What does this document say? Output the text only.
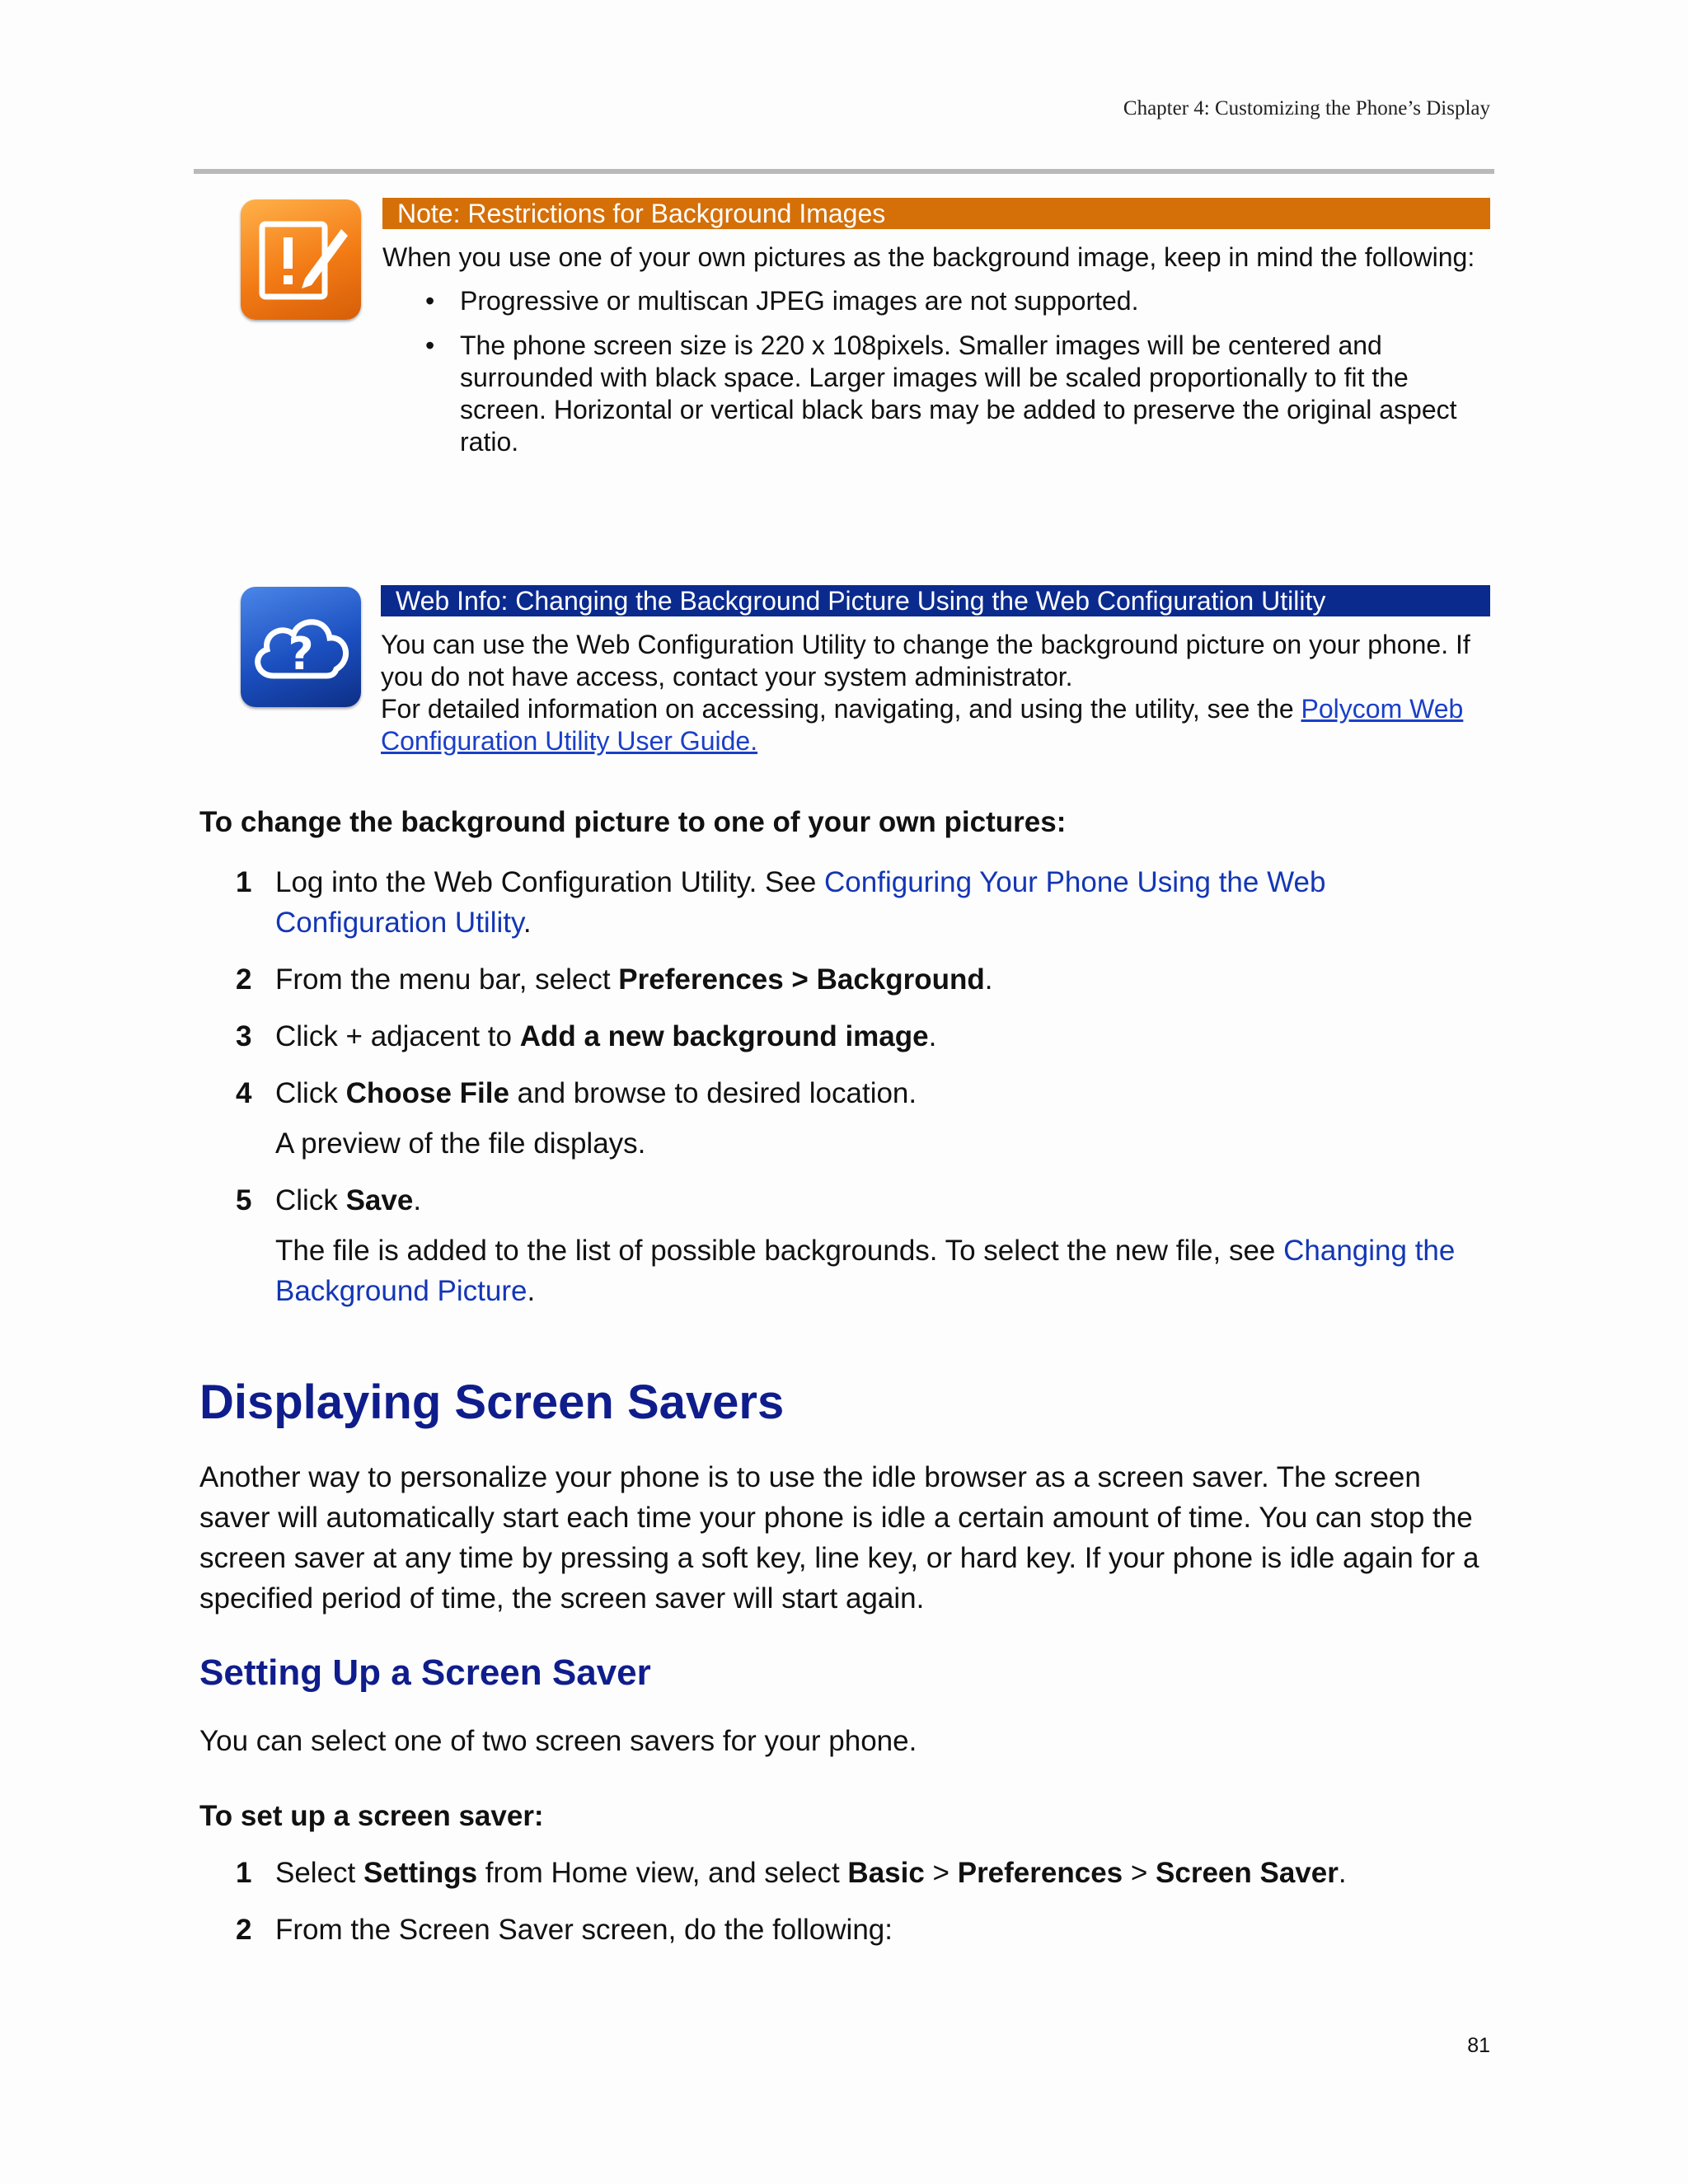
Chapter 4: Customizing the Phone’s Display
Note: Restrictions for Background Images

When you use one of your own pictures as the background image, keep in mind the following:

• Progressive or multiscan JPEG images are not supported.
• The phone screen size is 220 x 108pixels. Smaller images will be centered and surrounded with black space. Larger images will be scaled proportionally to fit the screen. Horizontal or vertical black bars may be added to preserve the original aspect ratio.
?
Web Info: Changing the Background Picture Using the Web Configuration Utility

You can use the Web Configuration Utility to change the background picture on your phone. If you do not have access, contact your system administrator.

For detailed information on accessing, navigating, and using the utility, see the Polycom Web Configuration Utility User Guide.

To change the background picture to one of your own pictures:
1 Log into the Web Configuration Utility. See Configuring Your Phone Using the Web Configuration Utility.
2 From the menu bar, select Preferences > Background.
3 Click + adjacent to Add a new background image.
4 Click Choose File and browse to desired location.
A preview of the file displays.
5 Click Save.
The file is added to the list of possible backgrounds. To select the new file, see Changing the Background Picture.
Displaying Screen Savers

Another way to personalize your phone is to use the idle browser as a screen saver. The screen saver will automatically start each time your phone is idle a certain amount of time. You can stop the screen saver at any time by pressing a soft key, line key, or hard key. If your phone is idle again for a specified period of time, the screen saver will start again.

Setting Up a Screen Saver

You can select one of two screen savers for your phone.

To set up a screen saver:
1 Select Settings from Home view, and select Basic > Preferences > Screen Saver.
2 From the Screen Saver screen, do the following:
81
